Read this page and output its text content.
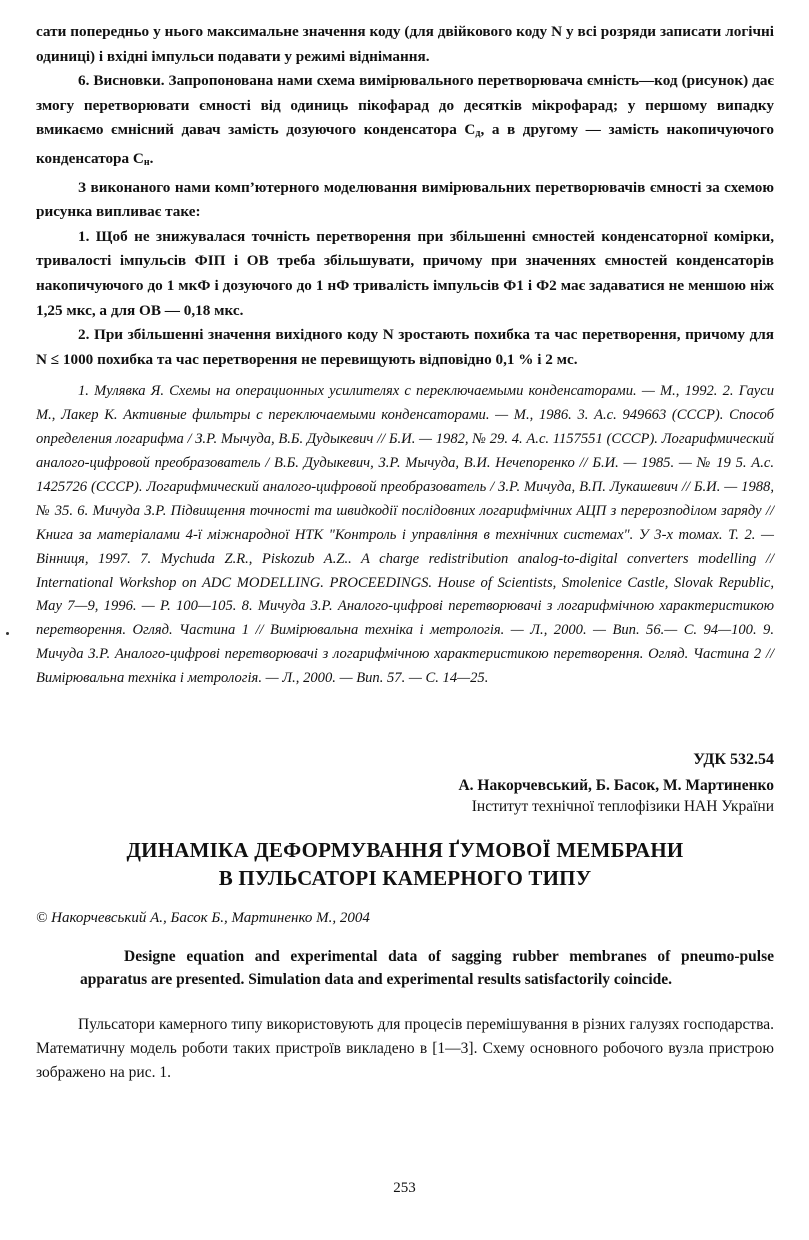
сати попередньо у нього максимальне значення коду (для двійкового коду N у всі розряди записати логічні одиниці) і вхідні імпульси подавати у режимі віднімання.

6. Висновки. Запропонована нами схема вимірювального перетворювача ємність—код (рисунок) дає змогу перетворювати ємності від одиниць пікофарад до десятків мікрофарад; у першому випадку вмикаємо ємнісний давач замість дозуючого конденсатора $С_д$, а в другому — замість накопичуючого конденсатора $С_н$.

З виконаного нами комп’ютерного моделювання вимірювальних перетворювачів ємності за схемою рисунка випливає таке:

1. Щоб не знижувалася точність перетворення при збільшенні ємностей конденсаторної комірки, тривалості імпульсів ФІП і ОВ треба збільшувати, причому при значеннях ємностей конденсаторів накопичуючого до 1 мкФ і дозуючого до 1 нФ тривалість імпульсів Ф1 і Ф2 має задаватися не меншою ніж 1,25 мкс, а для ОВ — 0,18 мкс.

2. При збільшенні значення вихідного коду N зростають похибка та час перетворення, причому для N ≤ 1000 похибка та час перетворення не перевищують відповідно 0,1 % і 2 мс.

1. Мулявка Я. Схемы на операционных усилителях с переключаемыми конденсаторами. — М., 1992. 2. Гауси М., Лакер К. Активные фильтры с переключаемыми конденсаторами. — М., 1986. 3. А.с. 949663 (СССР). Способ определения логарифма / З.Р. Мычуда, В.Б. Дудыкевич // Б.И. — 1982, № 29. 4. А.с. 1157551 (СССР). Логарифмический аналого-цифровой преобразователь / В.Б. Дудыкевич, З.Р. Мычуда, В.И. Нечепоренко // Б.И. — 1985. — № 19 5. А.с. 1425726 (СССР). Логарифмический аналого-цифровой преобразователь / З.Р. Мичуда, В.П. Лукашевич // Б.И. — 1988, № 35. 6. Мичуда З.Р. Підвищення точності та швидкодії послідовних логарифмічних АЦП з перерозподілом заряду // Книга за матеріалами 4-ї міжнародної НТК "Контроль і управління в технічних системах". У 3-х томах. Т. 2. — Вінниця, 1997. 7. Mychuda Z.R., Piskozub A.Z.. A charge redistribution analog-to-digital converters modelling // International Workshop on ADC MODELLING. PROCEEDINGS. House of Scientists, Smolenice Castle, Slovak Republic, May 7—9, 1996. — P. 100—105. 8. Мичуда З.Р. Аналого-цифрові перетворювачі з логарифмічною характеристикою перетворення. Огляд. Частина 1 // Вимірювальна техніка і метрологія. — Л., 2000. — Вип. 56.— С. 94—100. 9. Мичуда З.Р. Аналого-цифрові перетворювачі з логарифмічною характеристикою перетворення. Огляд. Частина 2 // Вимірювальна техніка і метрологія. — Л., 2000. — Вип. 57. — С. 14—25.

УДК 532.54

А. Накорчевський, Б. Басок, М. Мартиненко

Інститут технічної теплофізики НАН України

ДИНАМІКА ДЕФОРМУВАННЯ ҐУМОВОЇ МЕМБРАНИ

В ПУЛЬСАТОРІ КАМЕРНОГО ТИПУ

© Накорчевський А., Басок Б., Мартиненко М., 2004

Designe equation and experimental data of sagging rubber membranes of pneumo-pulse apparatus are presented. Simulation data and experimental results satisfactorily coincide.

Пульсатори камерного типу використовують для процесів перемішування в різних галузях господарства. Математичну модель роботи таких пристроїв викладено в [1—3]. Схему основного робочого вузла пристрою зображено на рис. 1.

253
